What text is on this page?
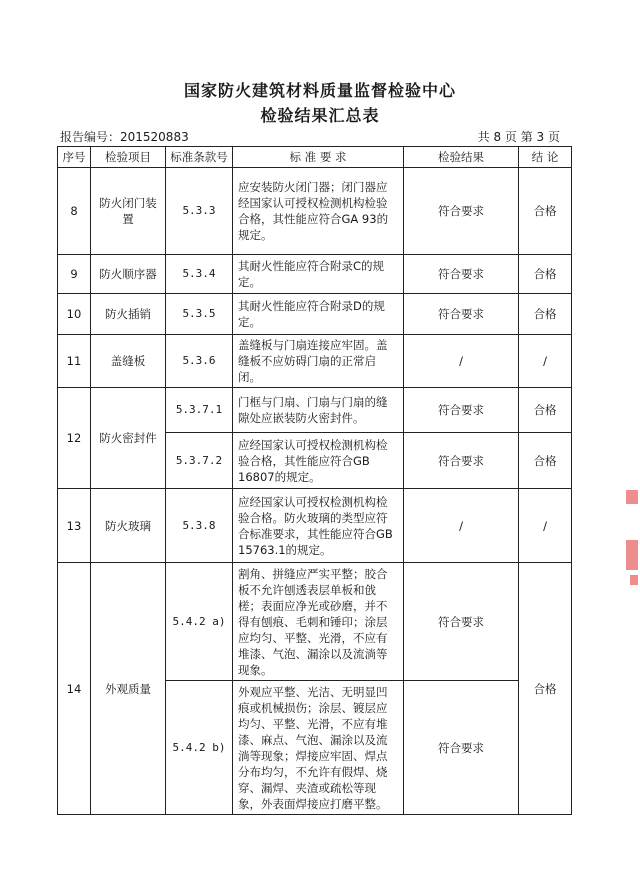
国家防火建筑材料质量监督检验中心
检验结果汇总表
报告编号：201520883	共 8 页 第 3 页
序号	检验项目	标准条款号	标 准 要 求	检验结果	结 论
8	防火闭门装置	5.3.3	应安装防火闭门器；闭门器应经国家认可授权检测机构检验合格，其性能应符合GA 93的规定。	符合要求	合格
9	防火顺序器	5.3.4	其耐火性能应符合附录C的规定。	符合要求	合格
10	防火插销	5.3.5	其耐火性能应符合附录D的规定。	符合要求	合格
11	盖缝板	5.3.6	盖缝板与门扇连接应牢固。盖缝板不应妨碍门扇的正常启闭。	/	/
12	防火密封件	5.3.7.1	门框与门扇、门扇与门扇的缝隙处应嵌装防火密封件。	符合要求	合格
		5.3.7.2	应经国家认可授权检测机构检验合格，其性能应符合GB 16807的规定。	符合要求	合格
13	防火玻璃	5.3.8	应经国家认可授权检测机构检验合格。防火玻璃的类型应符合标准要求，其性能应符合GB 15763.1的规定。	/	/
14	外观质量	5.4.2 a)	割角、拼缝应严实平整；胶合板不允许刨透表层单板和戗槎；表面应净光或砂磨，并不得有刨痕、毛刺和锤印；涂层应均匀、平整、光滑，不应有堆漆、气泡、漏涂以及流淌等现象。	符合要求	合格
		5.4.2 b)	外观应平整、光洁、无明显凹痕或机械损伤；涂层、镀层应均匀、平整、光滑，不应有堆漆、麻点、气泡、漏涂以及流淌等现象；焊接应牢固、焊点分布均匀，不允许有假焊、烧穿、漏焊、夹渣或疏松等现象，外表面焊接应打磨平整。	符合要求	
